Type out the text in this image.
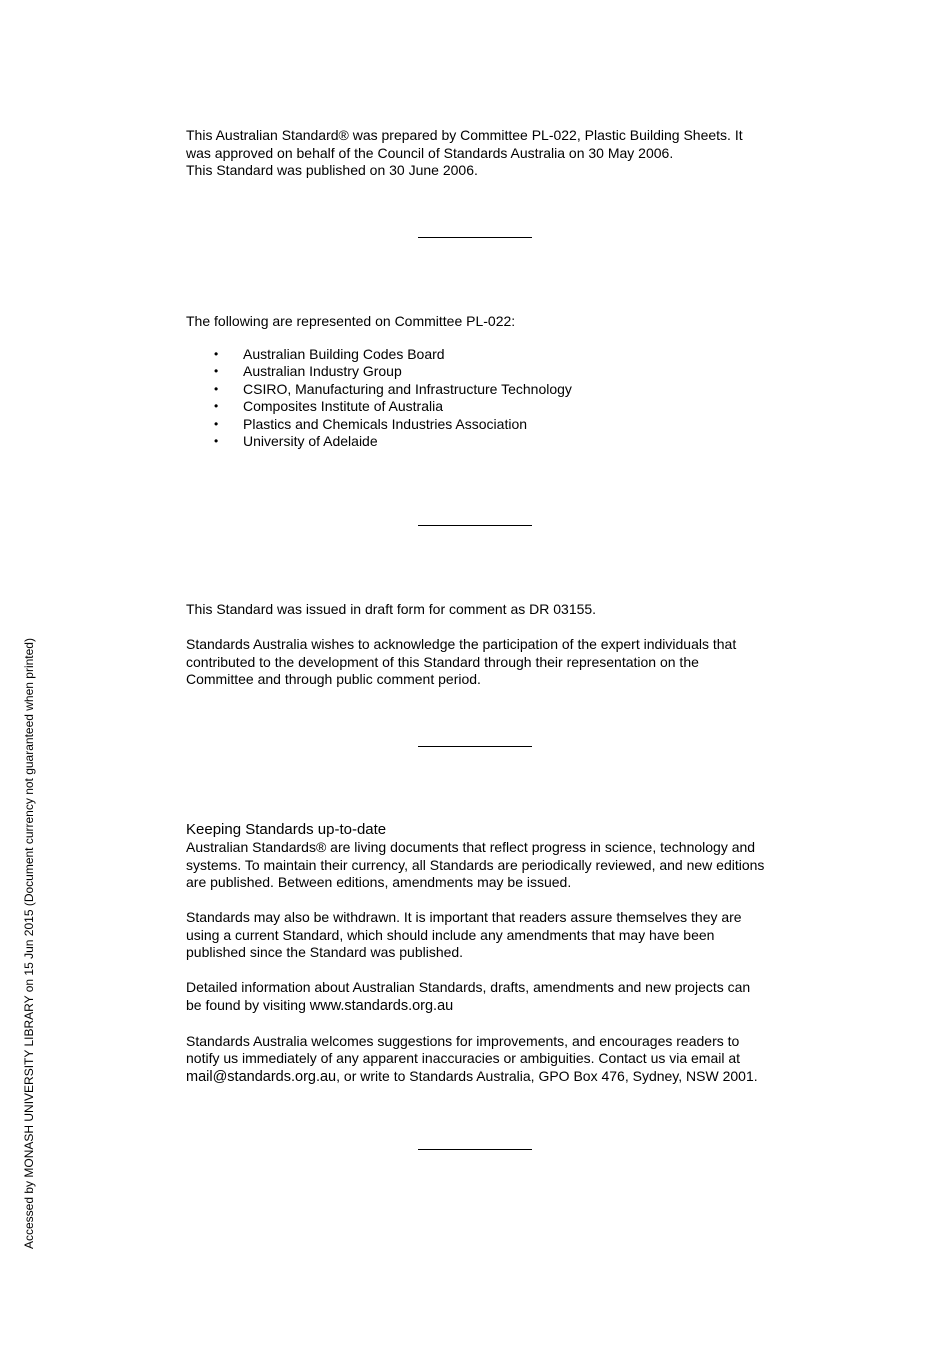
This Australian Standard® was prepared by Committee PL-022, Plastic Building Sheets. It
was approved on behalf of the Council of Standards Australia on 30 May 2006.
This Standard was published on 30 June 2006.

The following are represented on Committee PL-022:

• Australian Building Codes Board
• Australian Industry Group
• CSIRO, Manufacturing and Infrastructure Technology
• Composites Institute of Australia
• Plastics and Chemicals Industries Association
• University of Adelaide

This Standard was issued in draft form for comment as DR 03155.

Standards Australia wishes to acknowledge the participation of the expert individuals that
contributed to the development of this Standard through their representation on the
Committee and through public comment period.

Keeping Standards up-to-date

Australian Standards® are living documents that reflect progress in science, technology and
systems. To maintain their currency, all Standards are periodically reviewed, and new editions
are published. Between editions, amendments may be issued.
Standards may also be withdrawn. It is important that readers assure themselves they are
using a current Standard, which should include any amendments that may have been
published since the Standard was published.
Detailed information about Australian Standards, drafts, amendments and new projects can
be found by visiting www.standards.org.au
Standards Australia welcomes suggestions for improvements, and encourages readers to
notify us immediately of any apparent inaccuracies or ambiguities. Contact us via email at
mail@standards.org.au, or write to Standards Australia, GPO Box 476, Sydney, NSW 2001.
Accessed by MONASH UNIVERSITY LIBRARY on 15 Jun 2015 (Document currency not guaranteed when printed)
